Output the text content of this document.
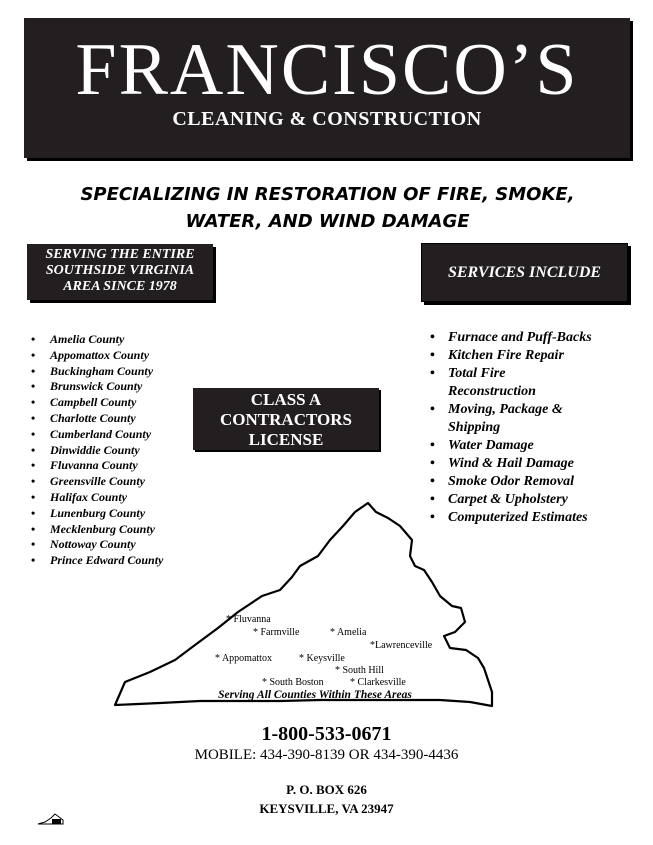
FRANCISCO’S
CLEANING & CONSTRUCTION
SPECIALIZING IN RESTORATION OF FIRE, SMOKE,
WATER, AND WIND DAMAGE
SERVING THE ENTIRE
SOUTHSIDE VIRGINIA
AREA SINCE 1978
SERVICES INCLUDE
• Amelia County
• Appomattox County
• Buckingham County
• Brunswick County
• Campbell County
• Charlotte County
• Cumberland County
• Dinwiddie County
• Fluvanna County
• Greensville County
• Halifax County
• Lunenburg County
• Mecklenburg County
• Nottoway County
• Prince Edward County
CLASS A
CONTRACTORS
LICENSE
• Furnace and Puff-Backs
• Kitchen Fire Repair
• Total Fire
Reconstruction
• Moving, Package &
Shipping
• Water Damage
• Wind & Hail Damage
• Smoke Odor Removal
• Carpet & Upholstery
• Computerized Estimates
* Fluvanna
* Farmville	* Amelia
*Lawrenceville
* Appomattox	* Keysville
* South Hill
* South Boston	* Clarkesville
Serving All Counties Within These Areas
1-800-533-0671
MOBILE: 434-390-8139 OR 434-390-4436
P. O. BOX 626
KEYSVILLE, VA 23947
